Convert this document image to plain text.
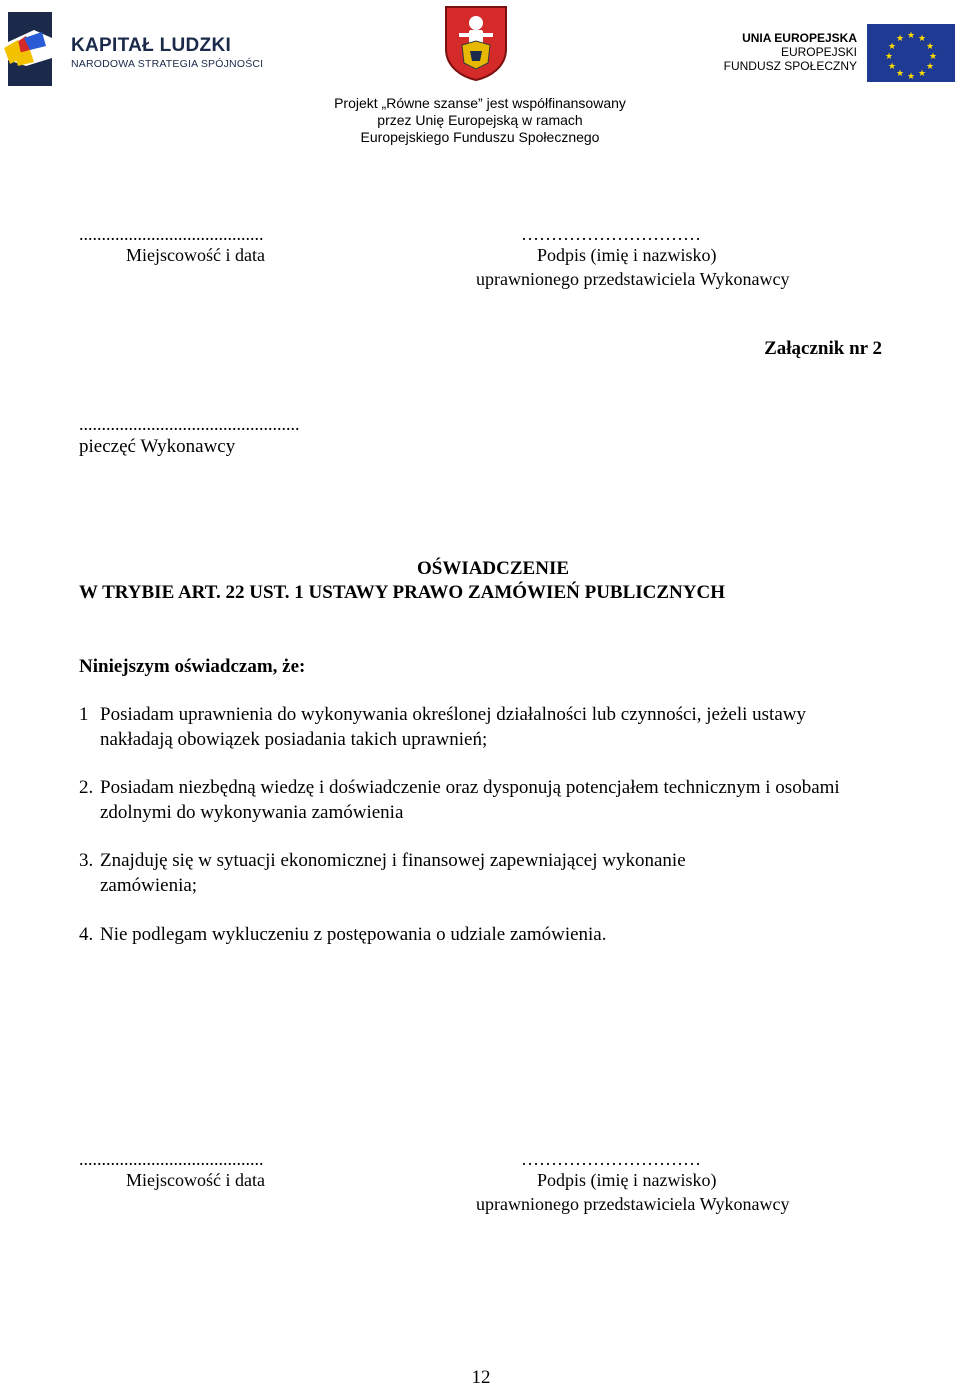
KAPITAŁ LUDZKI
NARODOWA STRATEGIA SPÓJNOŚCI
UNIA EUROPEJSKA
EUROPEJSKI
FUNDUSZ SPOŁECZNY
★ ★
★
★
★
★
★
★
★
★
★
★
Projekt „Równe szanse” jest współfinansowany
przez Unię Europejską w ramach
Europejskiego Funduszu Społecznego
.........................................
Miejscowość i data
…………………………
Podpis (imię i nazwisko)
uprawnionego przedstawiciela Wykonawcy
Załącznik nr 2
.................................................
pieczęć Wykonawcy
OŚWIADCZENIE
W TRYBIE ART. 22 UST. 1 USTAWY PRAWO ZAMÓWIEŃ PUBLICZNYCH
Niniejszym oświadczam, że:
1 Posiadam uprawnienia do wykonywania określonej działalności lub czynności, jeżeli ustawy nakładają obowiązek posiadania takich uprawnień;
2. Posiadam niezbędną wiedzę i doświadczenie oraz dysponują potencjałem technicznym i osobami zdolnymi do wykonywania zamówienia
3. Znajduję się w sytuacji ekonomicznej i finansowej zapewniającej wykonanie zamówienia;
4. Nie podlegam wykluczeniu z postępowania o udziale zamówienia.
.........................................
Miejscowość i data
…………………………
Podpis (imię i nazwisko)
uprawnionego przedstawiciela Wykonawcy
12
